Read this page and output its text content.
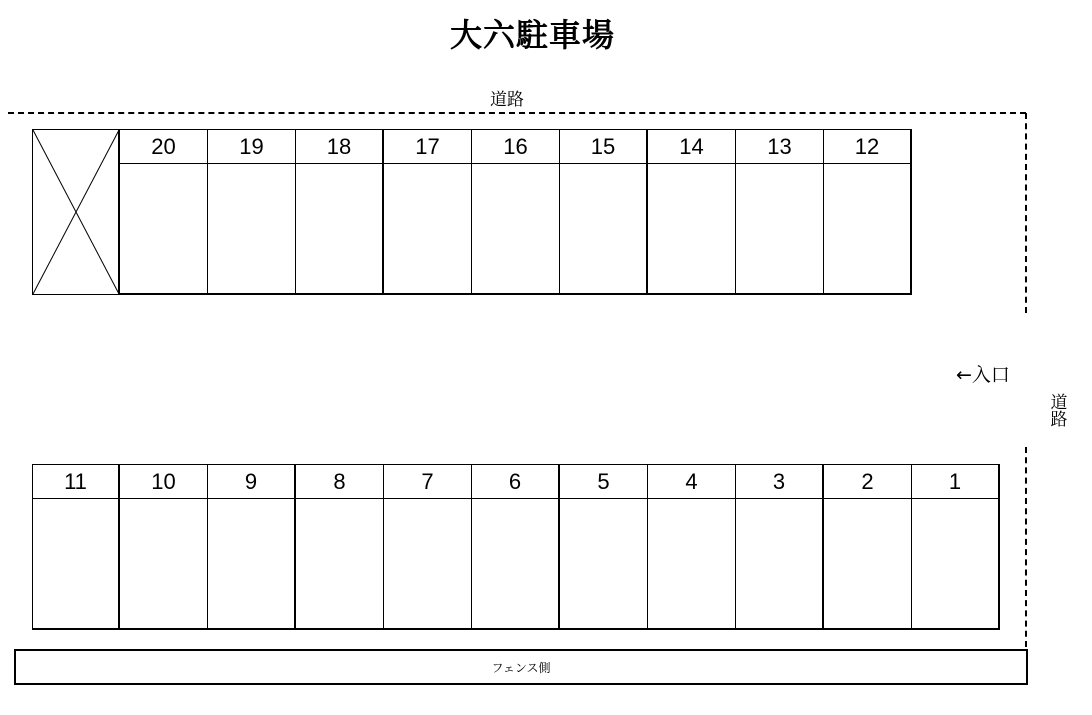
大六駐車場
道路
←入口
道路
20	19	18	17	16	15	14	13	12
11	10	9	8	7	6	5	4	3	2	1
フェンス側
